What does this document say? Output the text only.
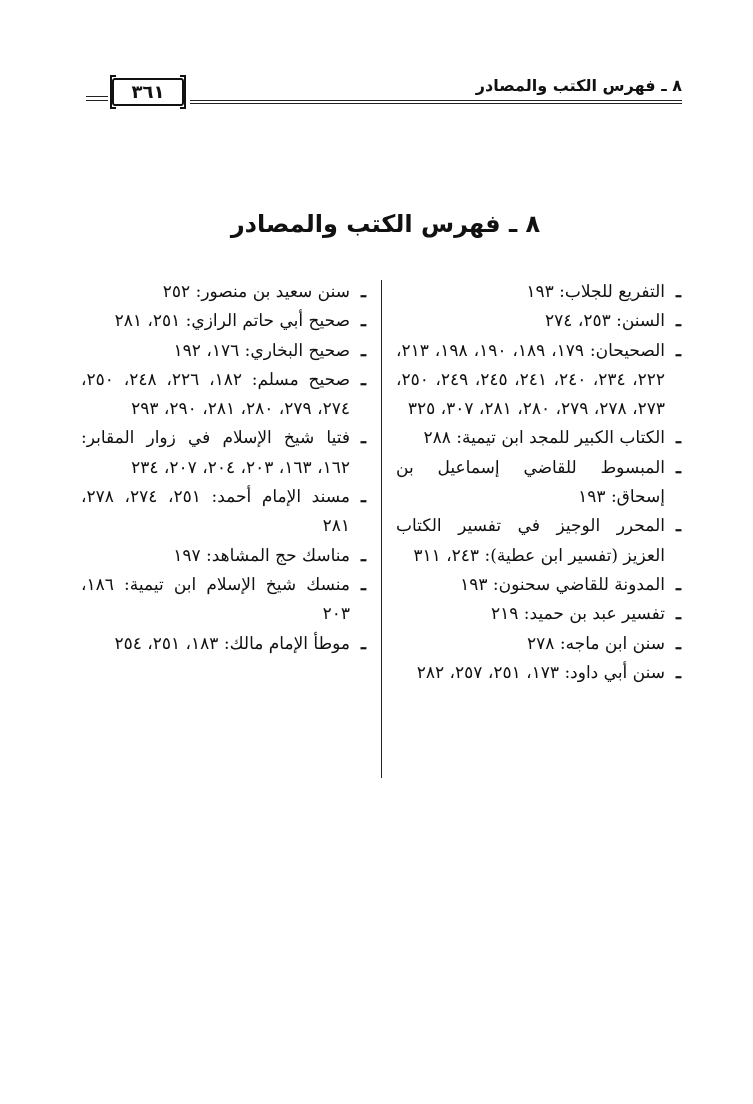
٨ ـ فهرس الكتب والمصادر
٣٦١
٨ ـ فهرس الكتب والمصادر
ـ
التفريع للجلاب: ١٩٣
ـ
السنن: ٢٥٣، ٢٧٤
ـ
الصحيحان: ١٧٩، ١٨٩، ١٩٠، ١٩٨، ٢١٣، ٢٢٢، ٢٣٤، ٢٤٠، ٢٤١، ٢٤٥، ٢٤٩، ٢٥٠، ٢٧٣، ٢٧٨، ٢٧٩، ٢٨٠، ٢٨١، ٣٠٧، ٣٢٥
ـ
الكتاب الكبير للمجد ابن تيمية: ٢٨٨
ـ
المبسوط للقاضي إسماعيل بن إسحاق: ١٩٣
ـ
المحرر الوجيز في تفسير الكتاب العزيز (تفسير ابن عطية): ٢٤٣، ٣١١
ـ
المدونة للقاضي سحنون: ١٩٣
ـ
تفسير عبد بن حميد: ٢١٩
ـ
سنن ابن ماجه: ٢٧٨
ـ
سنن أبي داود: ١٧٣، ٢٥١، ٢٥٧، ٢٨٢
ـ
سنن سعيد بن منصور: ٢٥٢
ـ
صحيح أبي حاتم الرازي: ٢٥١، ٢٨١
ـ
صحيح البخاري: ١٧٦، ١٩٢
ـ
صحيح مسلم: ١٨٢، ٢٢٦، ٢٤٨، ٢٥٠، ٢٧٤، ٢٧٩، ٢٨٠، ٢٨١، ٢٩٠، ٢٩٣
ـ
فتيا شيخ الإسلام في زوار المقابر: ١٦٢، ١٦٣، ٢٠٣، ٢٠٤، ٢٠٧، ٢٣٤
ـ
مسند الإمام أحمد: ٢٥١، ٢٧٤، ٢٧٨، ٢٨١
ـ
مناسك حج المشاهد: ١٩٧
ـ
منسك شيخ الإسلام ابن تيمية: ١٨٦، ٢٠٣
ـ
موطأ الإمام مالك: ١٨٣، ٢٥١، ٢٥٤
